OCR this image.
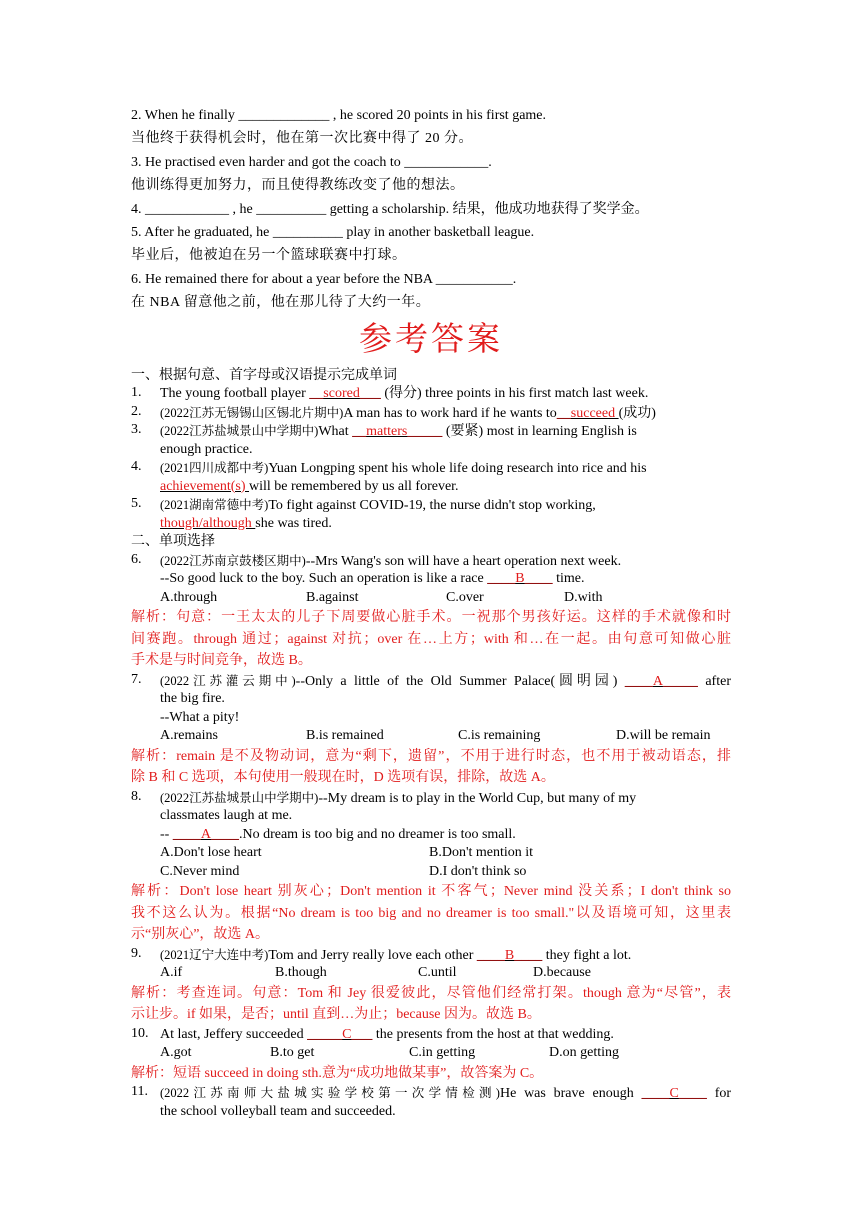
2. When he finally _____________ , he scored 20 points in his first game.
当他终于获得机会时，他在第一次比赛中得了 20 分。
3. He practised even harder and got the coach to ____________.
他训练得更加努力，而且使得教练改变了他的想法。
4. ____________ , he __________ getting a scholarship. 结果，他成功地获得了奖学金。
5. After he graduated, he __________ play in another basketball league.
毕业后，他被迫在另一个篮球联赛中打球。
6. He remained there for about a year before the NBA ___________.
在 NBA 留意他之前，他在那儿待了大约一年。
参考答案
一、根据句意、首字母或汉语提示完成单词
1. The young football player __scored___ (得分) three points in his first match last week.
2. (2022江苏无锡锡山区锡北片期中)A man has to work hard if he wants to__succeed (成功)
3. (2022江苏盐城景山中学期中)What __matters_____ (要紧) most in learning English is
enough practice.
4. (2021四川成都中考)Yuan Longping spent his whole life doing research into rice and his
achievement(s) will be remembered by us all forever.
5. (2021湖南常德中考)To fight against COVID-19, the nurse didn't stop working,
though/although she was tired.
二、单项选择
6. (2022江苏南京鼓楼区期中)--Mrs Wang's son will have a heart operation next week.
--So good luck to the boy. Such an operation is like a race ____B____ time.
A.through	B.against	C.over	D.with
解析：句意：一王太太的儿子下周要做心脏手术。一祝那个男孩好运。这样的手术就像和时
间赛跑。through 通过；against 对抗；over 在…上方；with 和…在一起。由句意可知做心脏
手术是与时间竞争，故选 B。
7. (2022江苏灌云期中)--Only a little of the Old Summer Palace(圆明园) ____A_____ after
the big fire.
--What a pity!
A.remains	B.is remained	C.is remaining	D.will be remain
解析：remain 是不及物动词，意为“剩下，遗留”，不用于进行时态，也不用于被动语态，排
除 B 和 C 选项，本句使用一般现在时，D 选项有误，排除，故选 A。
8. (2022江苏盐城景山中学期中)--My dream is to play in the World Cup, but many of my
classmates laugh at me.
-- ____A____.No dream is too big and no dreamer is too small.
A.Don't lose heart	B.Don't mention it
C.Never mind	D.I don't think so
解析：Don't lose heart 别灰心；Don't mention it 不客气；Never mind 没关系；I don't think so
我不这么认为。根据“No dream is too big and no dreamer is too small."以及语境可知，这里表
示“别灰心”，故选 A。
9. (2021辽宁大连中考)Tom and Jerry really love each other ____B____ they fight a lot.
A.if	B.though	C.until	D.because
解析：考查连词。句意：Tom 和 Jey 很爱彼此，尽管他们经常打架。though 意为“尽管”，表
示让步。if 如果，是否；until 直到…为止；because 因为。故选 B。
10. At last, Jeffery succeeded _____C___ the presents from the host at that wedding.
A.got	B.to get	C.in getting	D.on getting
解析：短语 succeed in doing sth.意为“成功地做某事”，故答案为 C。
11. (2022江苏南师大盐城实验学校第一次学情检测)He was brave enough ____C____ for
the school volleyball team and succeeded.
